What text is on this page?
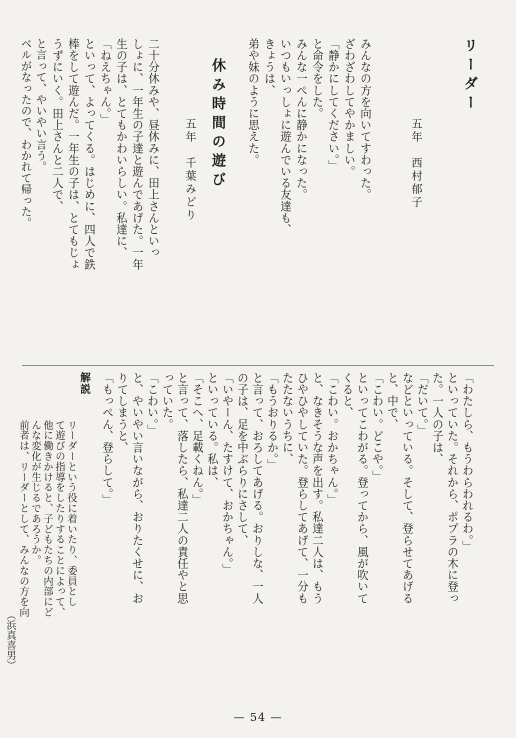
リーダー
五年　西村郁子
みんなの方を向いてすわった。
ざわざわしてやかましい。
「静かにしてください。」
と命令をした。
みんな一ぺんに静かになった。
いつもいっしょに遊んでいる友達も、
きょうは、
弟や妹のように思えた。
休み時間の遊び
五年　千葉みどり
二十分休みや、昼休みに、田上さんといっ
しょに、一年生の子達と遊んであげた。一年
生の子は、とてもかわいらしい。私達に、
「ねえちゃん。」
といって、よってくる。はじめに、四人で鉄
棒をして遊んだ。一年生の子は、とてもじょ
うずにいく。田上さんと二人で、
「わたしら、もうわらわれるわ。」
といっていた。それから、ポプラの木に登っ
た。一人の子は、
「だいて。」
などといっている。そして、登らせてあげる
と、中で、
「こわい。どこや。」
といってこわがる。登ってから、風が吹いて
くると、
「こわい。おかちゃん。」
と、なきそうな声を出す。私達二人は、もう
ひやひやしていた。登らしてあげて、一分も
たたないうちに、
「もうおりるか。」
と言って、おろしてあげる。おりしな、一人
の子は、足を中ぶらりにさして、
「いやーん、たすけて、おかちゃん。」
といっている。私は、
「そこへ、足載くねん。」
と言って、落したら、私達二人の責任やと思
っていた。
「こわい。」
と、やいやい言いながら、おりたくせに、お
りてしまうと、
「もっぺん、登らして。」
と言って、やいやい言う。
ベルがなったので、わかれて帰った。
解説
リーダーという役に着いたり、委員とし
て遊びの指導をしたりすることによって、
他に働きかけると、子どもたちの内部にど
んな変化が生じるであろうか。
前者は、リーダーとして、みんなの方を向
（浜真喜男）
— 54 —
